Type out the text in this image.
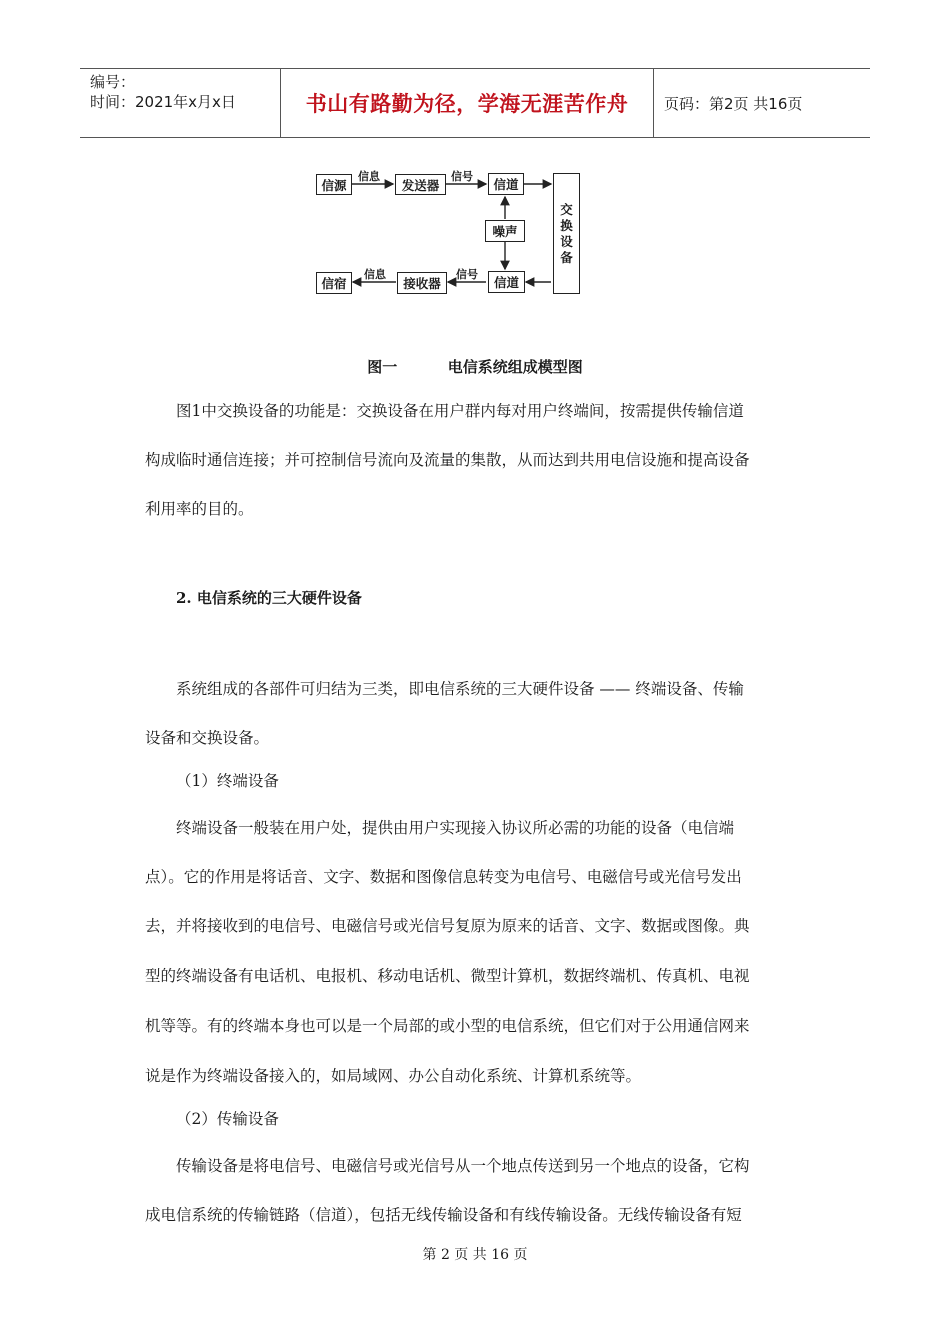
编号：
时间：2021年x月x日	书山有路勤为径，学海无涯苦作舟 页码：第2页 共16页
信源	发送器	信道
噪声
交换设备
信宿	接收器	信道
信息	信号
信息	信号
图一	电信系统组成模型图

图1中交换设备的功能是：交换设备在用户群内每对用户终端间，按需提供传输信道

构成临时通信连接；并可控制信号流向及流量的集散，从而达到共用电信设施和提高设备

利用率的目的。

2. 电信系统的三大硬件设备

系统组成的各部件可归结为三类，即电信系统的三大硬件设备 —— 终端设备、传输

设备和交换设备。

（1）终端设备

终端设备一般装在用户处，提供由用户实现接入协议所必需的功能的设备（电信端

点）。它的作用是将话音、文字、数据和图像信息转变为电信号、电磁信号或光信号发出

去，并将接收到的电信号、电磁信号或光信号复原为原来的话音、文字、数据或图像。典

型的终端设备有电话机、电报机、移动电话机、微型计算机，数据终端机、传真机、电视

机等等。有的终端本身也可以是一个局部的或小型的电信系统，但它们对于公用通信网来

说是作为终端设备接入的，如局域网、办公自动化系统、计算机系统等。

（2）传输设备

传输设备是将电信号、电磁信号或光信号从一个地点传送到另一个地点的设备，它构

成电信系统的传输链路（信道），包括无线传输设备和有线传输设备。无线传输设备有短

第 2 页 共 16 页
